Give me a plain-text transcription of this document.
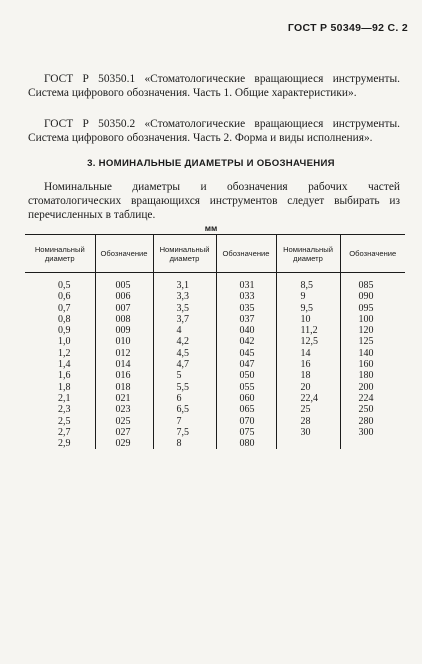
ГОСТ Р 50349—92 С. 2

ГОСТ Р 50350.1 «Стоматологические вращающиеся инструменты. Система цифрового обозначения. Часть 1. Общие характеристики».

ГОСТ Р 50350.2 «Стоматологические вращающиеся инструменты. Система цифрового обозначения. Часть 2. Форма и виды исполнения».

3. НОМИНАЛЬНЫЕ ДИАМЕТРЫ И ОБОЗНАЧЕНИЯ

Номинальные диаметры и обозначения рабочих частей стоматологических вращающихся инструментов следует выбирать из перечисленных в таблице.

мм
Номинальный диаметр	Обозначение	Номинальный диаметр	Обозначение	Номинальный диаметр	Обозначение
0,5	005	3,1	031	8,5	085
0,6	006	3,3	033	9	090
0,7	007	3,5	035	9,5	095
0,8	008	3,7	037	10	100
0,9	009	4	040	11,2	120
1,0	010	4,2	042	12,5	125
1,2	012	4,5	045	14	140
1,4	014	4,7	047	16	160
1,6	016	5	050	18	180
1,8	018	5,5	055	20	200
2,1	021	6	060	22,4	224
2,3	023	6,5	065	25	250
2,5	025	7	070	28	280
2,7	027	7,5	075	30	300
2,9	029	8	080		
